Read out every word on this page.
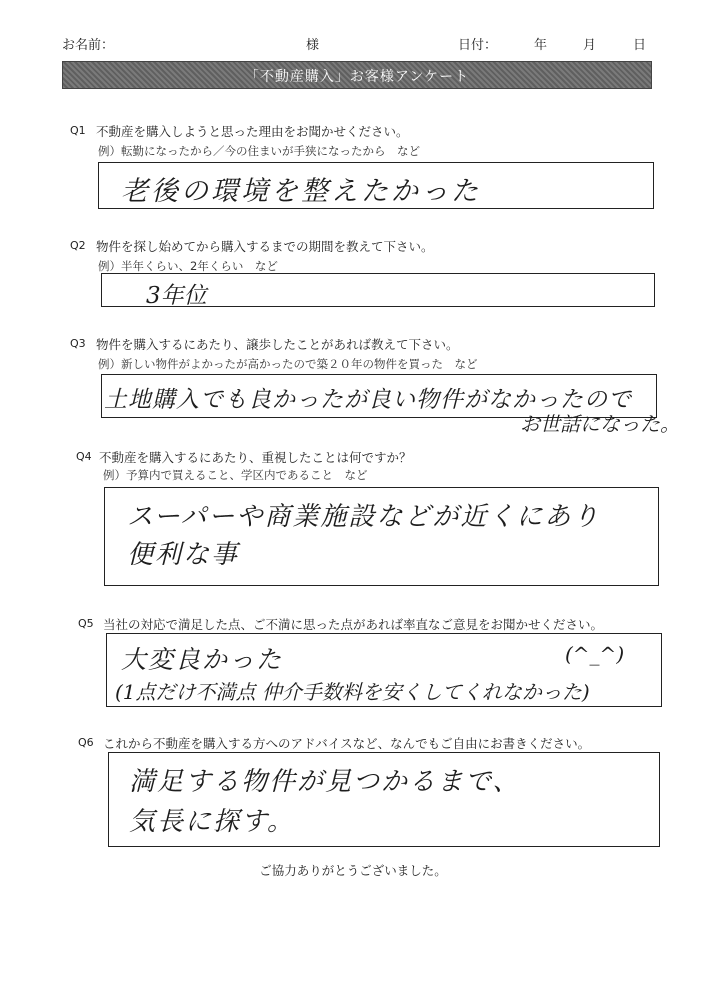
お名前：	様	日付：	年	月	日
「不動産購入」お客様アンケート
Q1 不動産を購入しようと思った理由をお聞かせください。
例）転勤になったから／今の住まいが手狭になったから　など
老後の環境を整えたかった
Q2 物件を探し始めてから購入するまでの期間を教えて下さい。
例）半年くらい、2年くらい　など
3年位
Q3 物件を購入するにあたり、譲歩したことがあれば教えて下さい。
例）新しい物件がよかったが高かったので築２０年の物件を買った　など
土地購入でも良かったが良い物件がなかったので
お世話になった。
Q4 不動産を購入するにあたり、重視したことは何ですか？
例）予算内で買えること、学区内であること　など
スーパーや商業施設などが近くにあり
便利な事
Q5 当社の対応で満足した点、ご不満に思った点があれば率直なご意見をお聞かせください。
大変良かった	(^_^)
(1点だけ不満点 仲介手数料を安くしてくれなかった)
Q6 これから不動産を購入する方へのアドバイスなど、なんでもご自由にお書きください。
満足する物件が見つかるまで、
気長に探す。
ご協力ありがとうございました。
